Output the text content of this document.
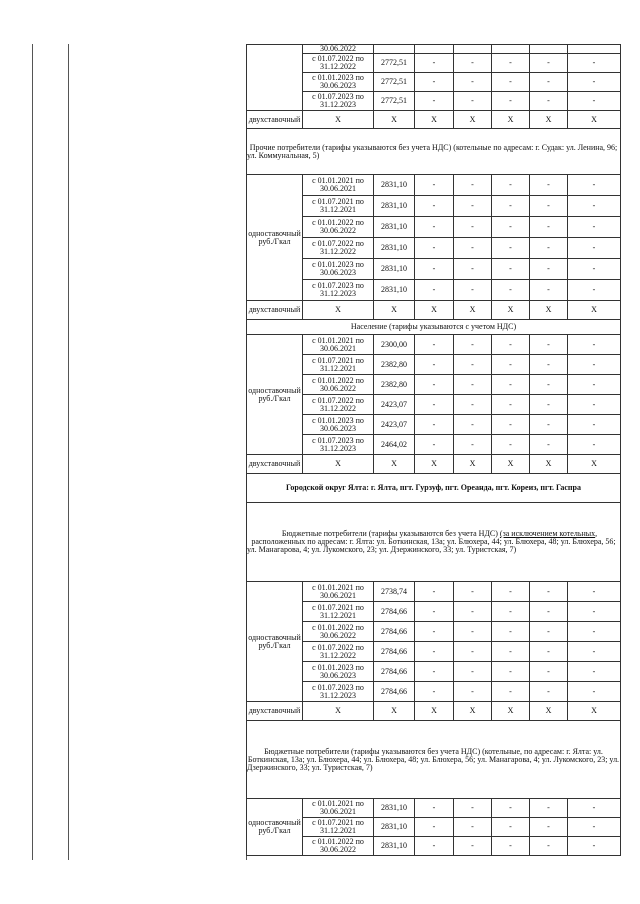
	30.06.2022						
	с 01.07.2022 по 31.12.2022	2772,51	-	-	-	-	-
	с 01.01.2023 по 30.06.2023	2772,51	-	-	-	-	-
	с 01.07.2023 по 31.12.2023	2772,51	-	-	-	-	-
двухставочный	X	X	X	X	X	X	X
Прочие потребители (тарифы указываются без учета НДС) (котельные по адресам: г. Судак: ул. Ленина, 96; ул. Коммунальная, 5)							
одноставочный руб./Гкал	с 01.01.2021 по 30.06.2021	2831,10	-	-	-	-	-
	с 01.07.2021 по 31.12.2021	2831,10	-	-	-	-	-
	с 01.01.2022 по 30.06.2022	2831,10	-	-	-	-	-
	с 01.07.2022 по 31.12.2022	2831,10	-	-	-	-	-
	с 01.01.2023 по 30.06.2023	2831,10	-	-	-	-	-
	с 01.07.2023 по 31.12.2023	2831,10	-	-	-	-	-
двухставочный	X	X	X	X	X	X	X
Население (тарифы указываются с учетом НДС)							
одноставочный руб./Гкал	с 01.01.2021 по 30.06.2021	2300,00	-	-	-	-	-
	с 01.07.2021 по 31.12.2021	2382,80	-	-	-	-	-
	с 01.01.2022 по 30.06.2022	2382,80	-	-	-	-	-
	с 01.07.2022 по 31.12.2022	2423,07	-	-	-	-	-
	с 01.01.2023 по 30.06.2023	2423,07	-	-	-	-	-
	с 01.07.2023 по 31.12.2023	2464,02	-	-	-	-	-
двухставочный	X	X	X	X	X	X	X
Городской округ Ялта: г. Ялта, пгт. Гурзуф, пгт. Ореанда, пгт. Кореиз, пгт. Гаспра							
Бюджетные потребители (тарифы указываются без учета НДС) (за исключением котельных, расположенных по адресам: г. Ялта: ул. Боткинская, 13а; ул. Блюхера, 44; ул. Блюхера, 48; ул. Блюхера, 56; ул. Манагарова, 4; ул. Лукомского, 23; ул. Дзержинского, 33; ул. Туристская, 7)							
одноставочный руб./Гкал	с 01.01.2021 по 30.06.2021	2738,74	-	-	-	-	-
	с 01.07.2021 по 31.12.2021	2784,66	-	-	-	-	-
	с 01.01.2022 по 30.06.2022	2784,66	-	-	-	-	-
	с 01.07.2022 по 31.12.2022	2784,66	-	-	-	-	-
	с 01.01.2023 по 30.06.2023	2784,66	-	-	-	-	-
	с 01.07.2023 по 31.12.2023	2784,66	-	-	-	-	-
двухставочный	X	X	X	X	X	X	X
Бюджетные потребители (тарифы указываются без учета НДС) (котельные, по адресам: г. Ялта: ул. Боткинская, 13а; ул. Блюхера, 44; ул. Блюхера, 48; ул. Блюхера, 56; ул. Манагарова, 4; ул. Лукомского, 23; ул. Дзержинского, 33; ул. Туристская, 7)							
одноставочный руб./Гкал	с 01.01.2021 по 30.06.2021	2831,10	-	-	-	-	-
	с 01.07.2021 по 31.12.2021	2831,10	-	-	-	-	-
	с 01.01.2022 по 30.06.2022	2831,10	-	-	-	-	-
